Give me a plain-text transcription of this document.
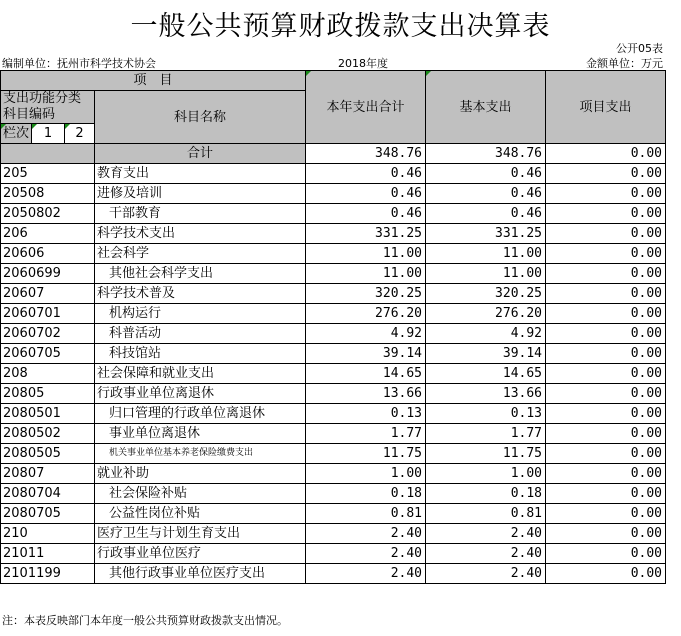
一般公共预算财政拨款支出决算表
公开05表
编制单位：抚州市科学技术协会	2018年度	金额单位：万元
项　目				本年支出合计	基本支出	项目支出	
支出功能分类科目编码			科目名称				

栏次	1	2	
			合计	348.76	348.76	0.00	
205			教育支出	0.46	0.46	0.00	
20508			进修及培训	0.46	0.46	0.00	
2050802			干部教育	0.46	0.46	0.00	
206			科学技术支出	331.25	331.25	0.00	
20606			社会科学	11.00	11.00	0.00	
2060699			其他社会科学支出	11.00	11.00	0.00	
20607			科学技术普及	320.25	320.25	0.00	
2060701			机构运行	276.20	276.20	0.00	
2060702			科普活动	4.92	4.92	0.00	
2060705			科技馆站	39.14	39.14	0.00	
208			社会保障和就业支出	14.65	14.65	0.00	
20805			行政事业单位离退休	13.66	13.66	0.00	
2080501			归口管理的行政单位离退休	0.13	0.13	0.00	
2080502			事业单位离退休	1.77	1.77	0.00	
2080505			机关事业单位基本养老保险缴费支出	11.75	11.75	0.00	
20807			就业补助	1.00	1.00	0.00	
2080704			社会保险补贴	0.18	0.18	0.00	
2080705			公益性岗位补贴	0.81	0.81	0.00	
210			医疗卫生与计划生育支出	2.40	2.40	0.00	
21011			行政事业单位医疗	2.40	2.40	0.00	
2101199			其他行政事业单位医疗支出	2.40	2.40	0.00	
注：本表反映部门本年度一般公共预算财政拨款支出情况。
